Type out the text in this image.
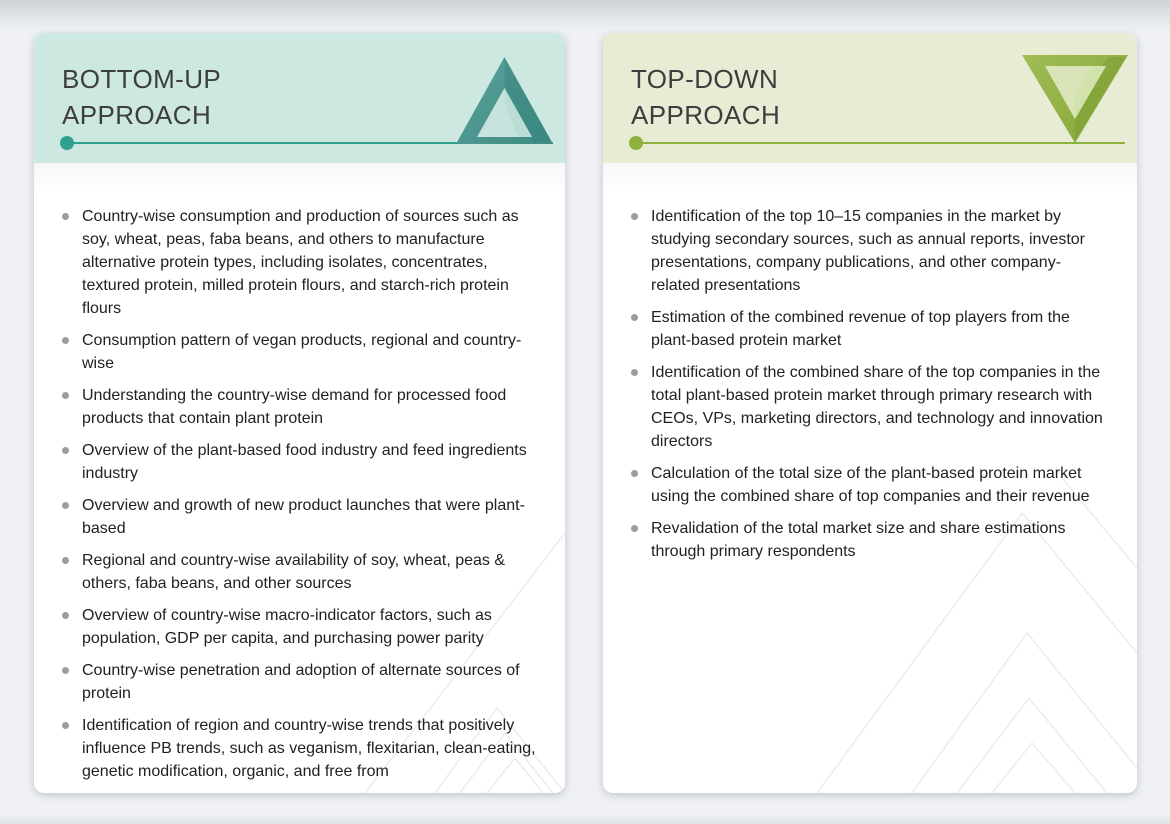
BOTTOM-UP
APPROACH
Country-wise consumption and production of sources such as soy, wheat, peas, faba beans, and others to manufacture alternative protein types, including isolates, concentrates, textured protein, milled protein flours, and starch-rich protein flours
Consumption pattern of vegan products, regional and country-wise
Understanding the country-wise demand for processed food products that contain plant protein
Overview of the plant-based food industry and feed ingredients industry
Overview and growth of new product launches that were plant-based
Regional and country-wise availability of soy, wheat, peas & others, faba beans, and other sources
Overview of country-wise macro-indicator factors, such as population, GDP per capita, and purchasing power parity
Country-wise penetration and adoption of alternate sources of protein
Identification of region and country-wise trends that positively influence PB trends, such as veganism, flexitarian, clean-eating, genetic modification, organic, and free from
TOP-DOWN
APPROACH
Identification of the top 10–15 companies in the market by studying secondary sources, such as annual reports, investor presentations, company publications, and other company-related presentations
Estimation of the combined revenue of top players from the plant-based protein market
Identification of the combined share of the top companies in the total plant-based protein market through primary research with CEOs, VPs, marketing directors, and technology and innovation directors
Calculation of the total size of the plant-based protein market using the combined share of top companies and their revenue
Revalidation of the total market size and share estimations through primary respondents
